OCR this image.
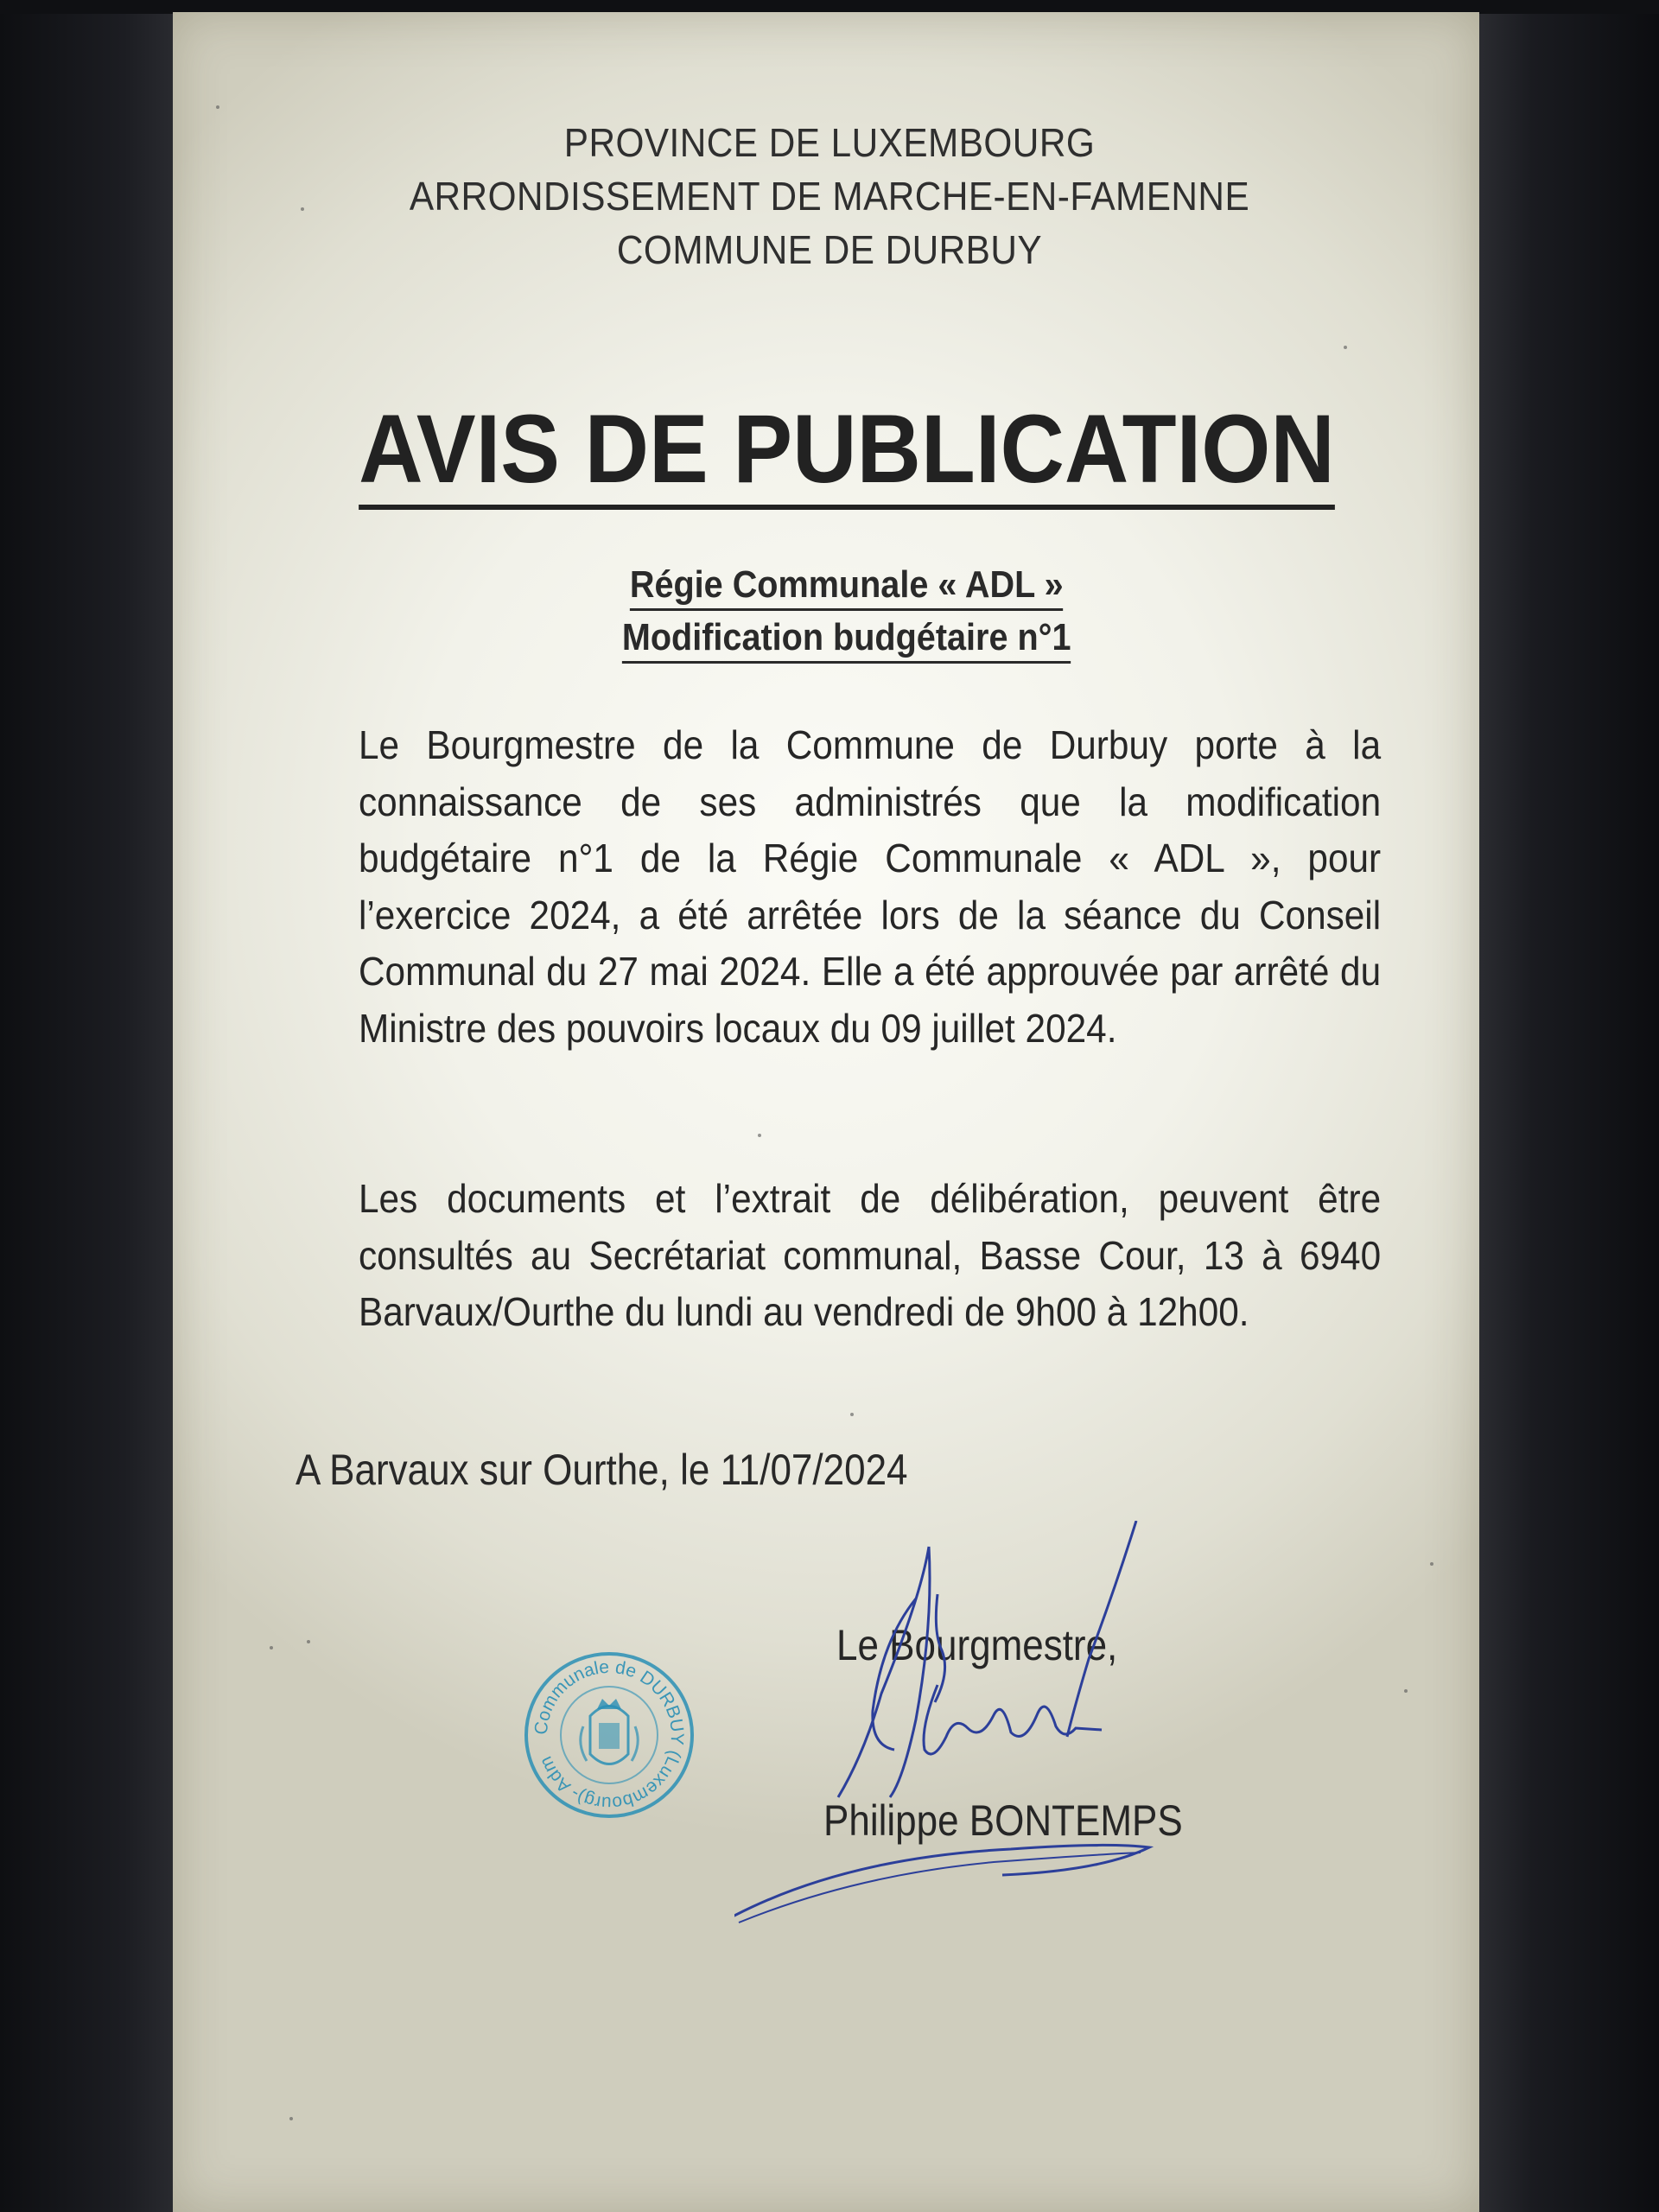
PROVINCE DE LUXEMBOURG
ARRONDISSEMENT DE MARCHE-EN-FAMENNE
COMMUNE DE DURBUY
AVIS DE PUBLICATION
Régie Communale « ADL »
Modification budgétaire n°1
Le Bourgmestre de la Commune de Durbuy porte à la connaissance de ses administrés que la modification budgétaire n°1 de la Régie Communale « ADL », pour l’exercice 2024, a été arrêtée lors de la séance du Conseil Communal du 27 mai 2024. Elle a été approuvée par arrêté du Ministre des pouvoirs locaux du 09 juillet 2024.
Les documents et l’extrait de délibération, peuvent être consultés au Secrétariat communal, Basse Cour, 13 à 6940 Barvaux/Ourthe du lundi au vendredi de 9h00 à 12h00.
A Barvaux sur Ourthe, le 11/07/2024
Le Bourgmestre,
Philippe BONTEMPS
Communale de DURBUY (Luxembourg)- Adm
